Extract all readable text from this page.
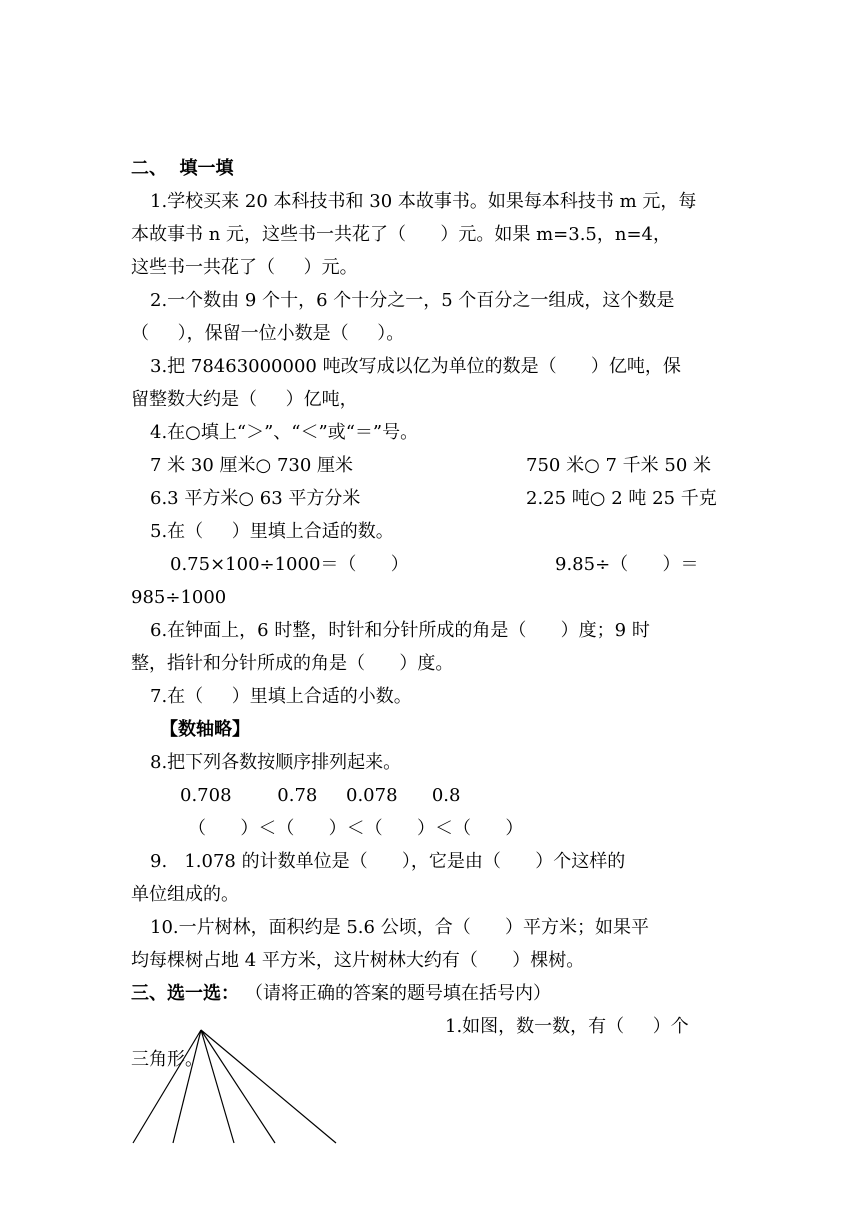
二、  填一填
1.学校买来 20 本科技书和 30 本故事书。如果每本科技书 m 元，每
本故事书 n 元，这些书一共花了（      ）元。如果 m=3.5，n=4，
这些书一共花了（     ）元。
2.一个数由 9 个十，6 个十分之一，5 个百分之一组成，这个数是
（     ），保留一位小数是（     ）。
3.把 78463000000 吨改写成以亿为单位的数是（      ）亿吨，保
留整数大约是（     ）亿吨，
4.在○填上“＞”、“＜”或“＝”号。
7 米 30 厘米○ 730 厘米	750 米○ 7 千米 50 米
6.3 平方米○ 63 平方分米	2.25 吨○ 2 吨 25 千克
5.在（     ）里填上合适的数。
0.75×100÷1000＝（      ）	9.85÷（      ）＝
985÷1000
6.在钟面上，6 时整，时针和分针所成的角是（      ）度；9 时
整，指针和分针所成的角是（      ）度。
7.在（     ）里填上合适的小数。
【数轴略】
8.把下列各数按顺序排列起来。
0.708        0.78     0.078      0.8
（      ）＜（      ）＜（      ）＜（      ）
9.   1.078 的计数单位是（      ），它是由（      ）个这样的
单位组成的。
10.一片树林，面积约是 5.6 公顷，合（      ）平方米；如果平
均每棵树占地 4 平方米，这片树林大约有（      ）棵树。
三、选一选： （请将正确的答案的题号填在括号内）
1.如图，数一数，有（     ）个
三角形。
